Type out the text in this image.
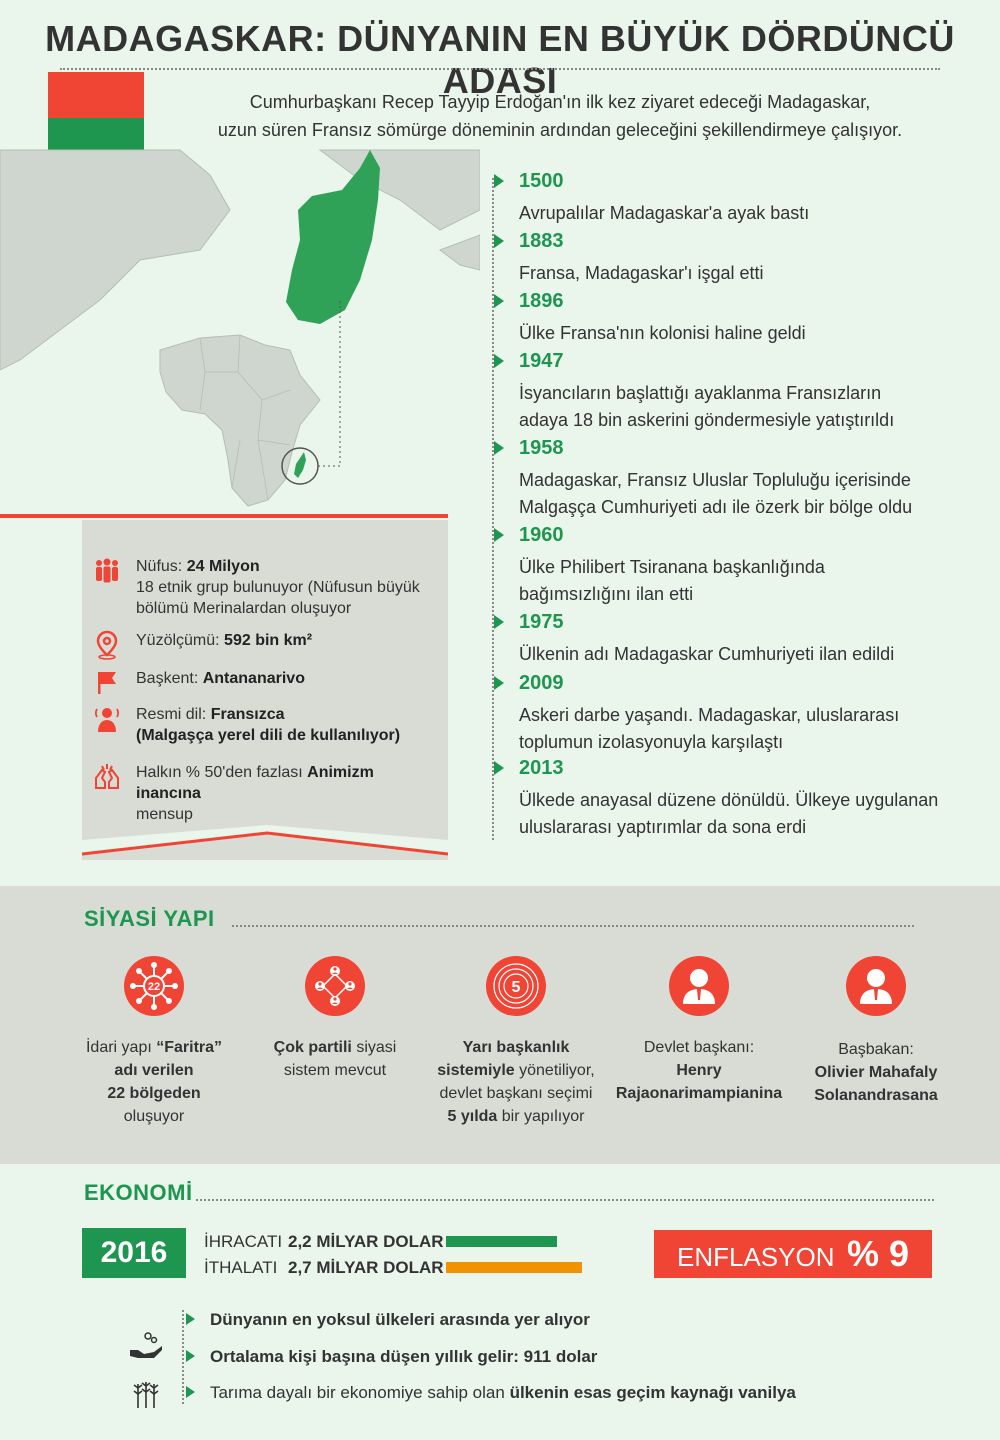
MADAGASKAR: DÜNYANIN EN BÜYÜK DÖRDÜNCÜ ADASI
Cumhurbaşkanı Recep Tayyip Erdoğan'ın ilk kez ziyaret edeceği Madagaskar,
uzun süren Fransız sömürge döneminin ardından geleceğini şekillendirmeye çalışıyor.
Nüfus: 24 Milyon
18 etnik grup bulunuyor (Nüfusun büyük bölümü Merinalardan oluşuyor
Yüzölçümü: 592 bin km²
Başkent: Antananarivo
Resmi dil: Fransızca
(Malgaşça yerel dili de kullanılıyor)
Halkın % 50'den fazlası Animizm inancına
mensup
1500
Avrupalılar Madagaskar'a ayak bastı
1883
Fransa, Madagaskar'ı işgal etti
1896
Ülke Fransa'nın kolonisi haline geldi
1947
İsyancıların başlattığı ayaklanma Fransızların adaya 18 bin askerini göndermesiyle yatıştırıldı
1958
Madagaskar, Fransız Uluslar Topluluğu içerisinde Malgaşça Cumhuriyeti adı ile özerk bir bölge oldu
1960
Ülke Philibert Tsiranana başkanlığında bağımsızlığını ilan etti
1975
Ülkenin adı Madagaskar Cumhuriyeti ilan edildi
2009
Askeri darbe yaşandı. Madagaskar, uluslararası toplumun izolasyonuyla karşılaştı
2013
Ülkede anayasal düzene dönüldü. Ülkeye uygulanan uluslararası yaptırımlar da sona erdi
SİYASİ YAPI
22
İdari yapı “Faritra”
adı verilen
22 bölgeden
oluşuyor
Çok partili siyasi
sistem mevcut
5
Yarı başkanlık
sistemiyle yönetiliyor,
devlet başkanı seçimi
5 yılda bir yapılıyor
Devlet başkanı:
Henry
Rajaonarimampianina
Başbakan:
Olivier Mahafaly
Solanandrasana
EKONOMİ
2016	İHRACATI 2,2 MİLYAR DOLAR
İTHALATI 2,7 MİLYAR DOLAR	ENFLASYON % 9
Dünyanın en yoksul ülkeleri arasında yer alıyor
Ortalama kişi başına düşen yıllık gelir: 911 dolar
Tarıma dayalı bir ekonomiye sahip olan ülkenin esas geçim kaynağı vanilya
